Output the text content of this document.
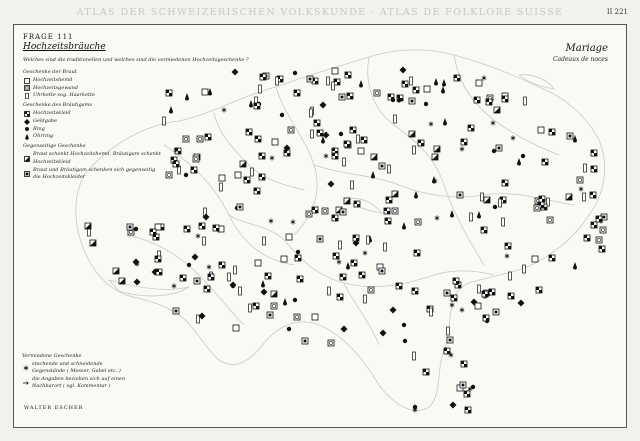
ATLAS DER SCHWEIZERISCHEN VOLKSKUNDE · ATLAS DE FOLKLORE SUISSE	II 221
FRAGE 111
Hochzeitsbräuche
Welches sind die traditionellen und welches sind die vermiedenen Hochzeitsgeschenke ?
Geschenke der Braut
Hochzeitshemd
Hochzeitsgewand
Uhrkette sog. Haarkette
Geschenke des Bräutigams
Hochzeitskleid
Geldgabe
Ring
Ohrring
Gegenseitige Geschenke
Braut schenkt Hochzeitshemd, Bräutigam schenkt Hochzeitskleid
Braut und Bräutigam schenken sich gegenseitig die Hochzeitskleider
Mariage
Cadeaux de noces
Vermiedene Geschenke
stechende und schneidende Gegenstände ( Messer, Gabel etc. )
die Angaben beziehen sich auf einen Nachbarort ( vgl. Kommentar )
WALTER ESCHER
